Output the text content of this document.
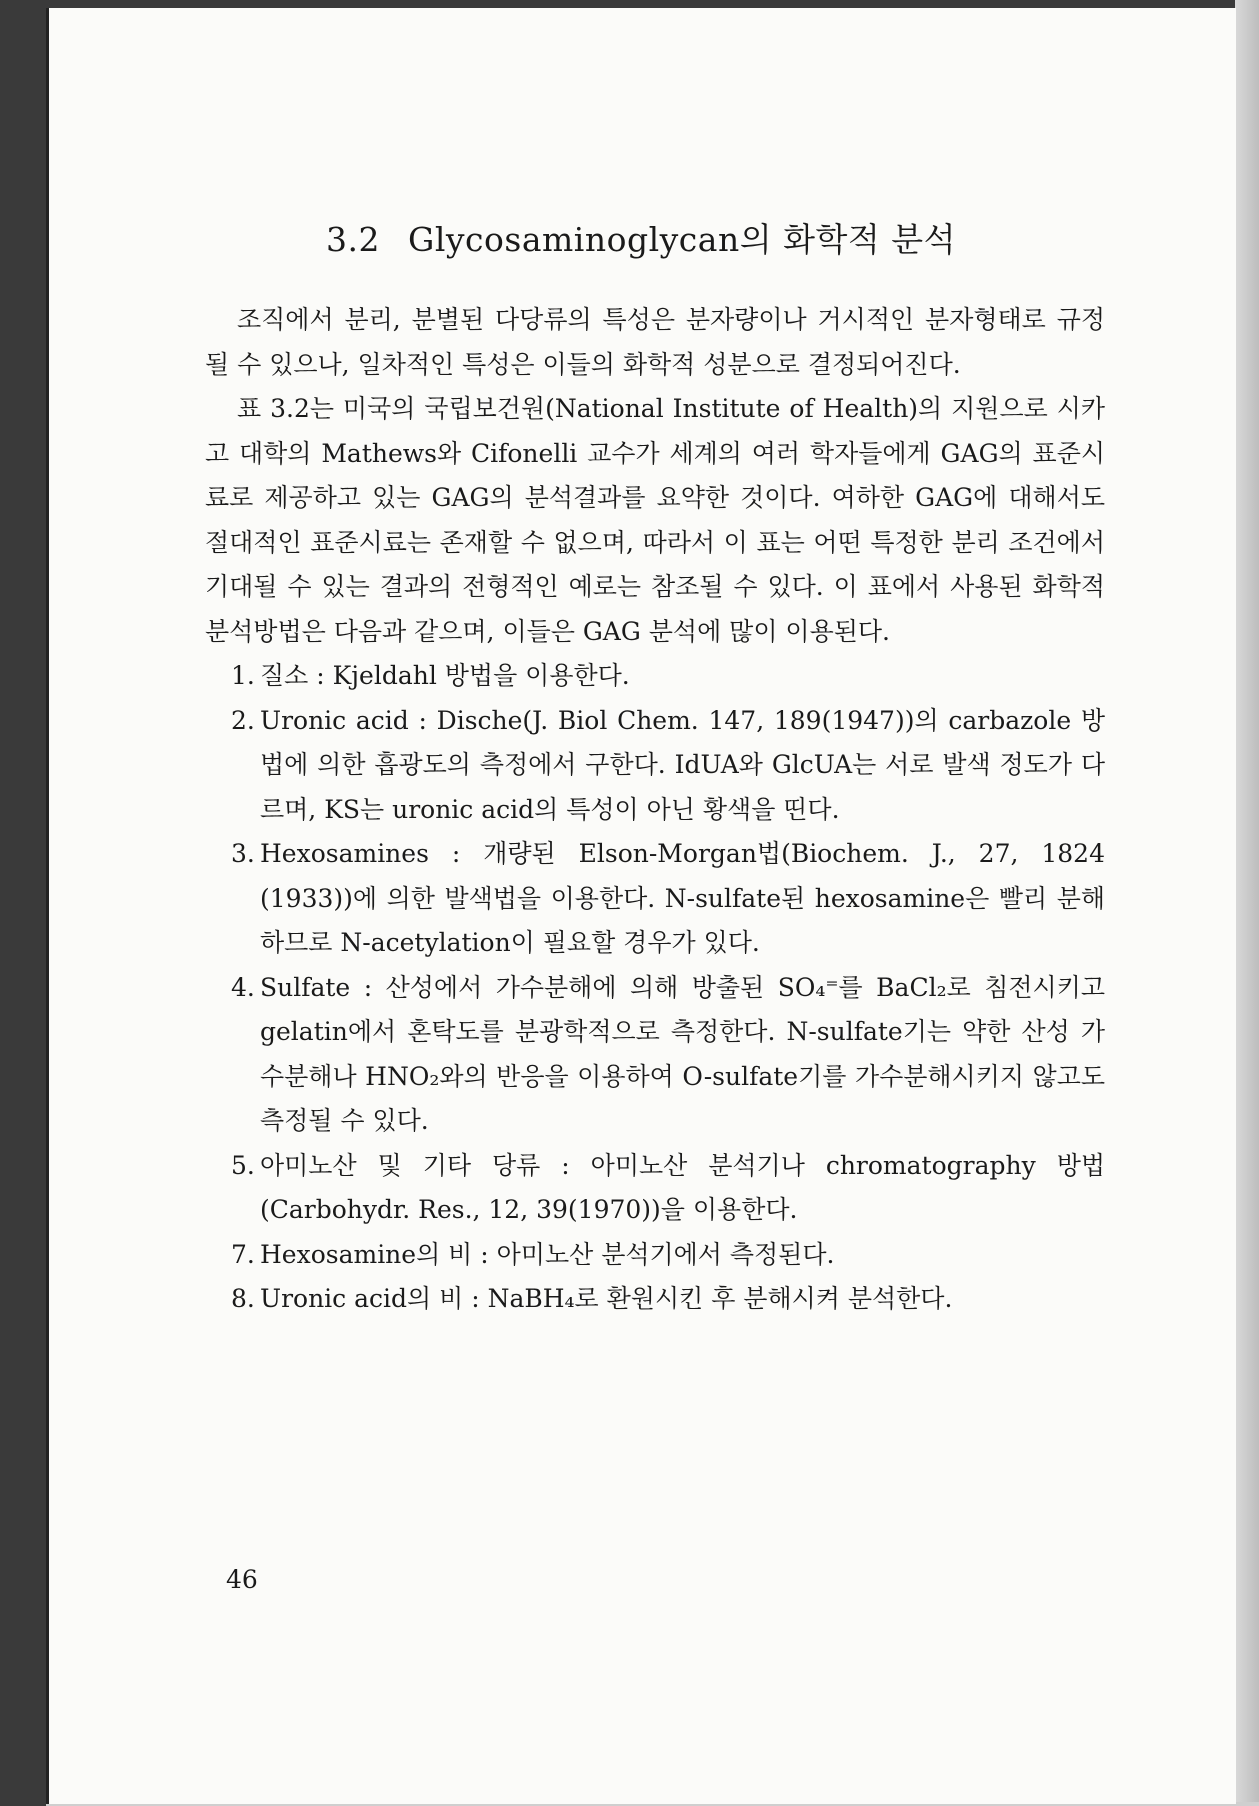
3.2 Glycosaminoglycan의 화학적 분석

조직에서 분리, 분별된 다당류의 특성은 분자량이나 거시적인 분자형태로 규정될 수 있으나, 일차적인 특성은 이들의 화학적 성분으로 결정되어진다.

표 3.2는 미국의 국립보건원(National Institute of Health)의 지원으로 시카고 대학의 Mathews와 Cifonelli 교수가 세계의 여러 학자들에게 GAG의 표준시료로 제공하고 있는 GAG의 분석결과를 요약한 것이다. 여하한 GAG에 대해서도 절대적인 표준시료는 존재할 수 없으며, 따라서 이 표는 어떤 특정한 분리 조건에서 기대될 수 있는 결과의 전형적인 예로는 참조될 수 있다. 이 표에서 사용된 화학적 분석방법은 다음과 같으며, 이들은 GAG 분석에 많이 이용된다.

1. 질소 : Kjeldahl 방법을 이용한다.
2. Uronic acid : Dische(J. Biol Chem. 147, 189(1947))의 carbazole 방법에 의한 흡광도의 측정에서 구한다. IdUA와 GlcUA는 서로 발색 정도가 다르며, KS는 uronic acid의 특성이 아닌 황색을 띤다.
3. Hexosamines : 개량된 Elson-Morgan법(Biochem. J., 27, 1824 (1933))에 의한 발색법을 이용한다. N-sulfate된 hexosamine은 빨리 분해하므로 N-acetylation이 필요할 경우가 있다.
4. Sulfate : 산성에서 가수분해에 의해 방출된 SO₄⁼를 BaCl₂로 침전시키고 gelatin에서 혼탁도를 분광학적으로 측정한다. N-sulfate기는 약한 산성 가수분해나 HNO₂와의 반응을 이용하여 O-sulfate기를 가수분해시키지 않고도 측정될 수 있다.
5. 아미노산 및 기타 당류 : 아미노산 분석기나 chromatography 방법(Carbohydr. Res., 12, 39(1970))을 이용한다.
7. Hexosamine의 비 : 아미노산 분석기에서 측정된다.
8. Uronic acid의 비 : NaBH₄로 환원시킨 후 분해시켜 분석한다.
46
